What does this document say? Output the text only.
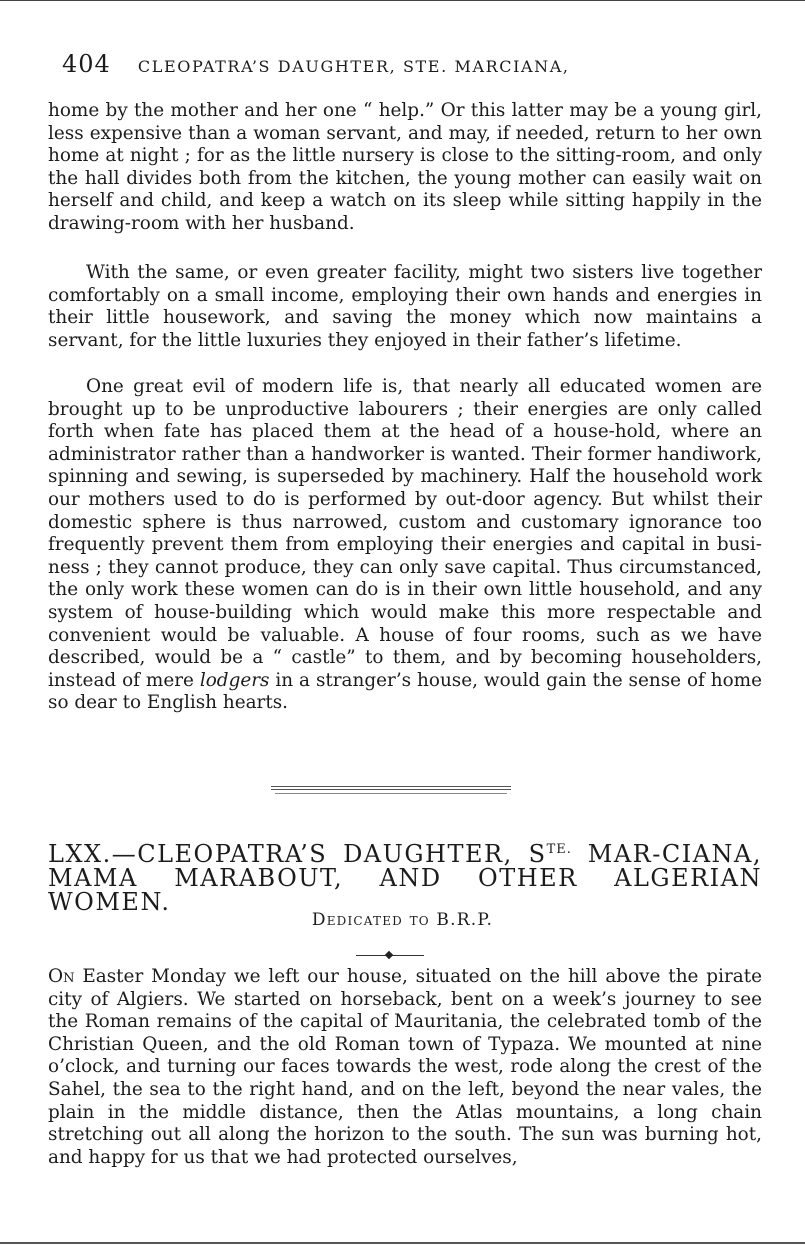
404 CLEOPATRA’S DAUGHTER, STE. MARCIANA,

home by the mother and her one “ help.” Or this latter may be a young girl, less expensive than a woman servant, and may, if needed, return to her own home at night ; for as the little nursery is close to the sitting-room, and only the hall divides both from the kitchen, the young mother can easily wait on herself and child, and keep a watch on its sleep while sitting happily in the drawing-room with her husband.

With the same, or even greater facility, might two sisters live together comfortably on a small income, employing their own hands and energies in their little housework, and saving the money which now maintains a servant, for the little luxuries they enjoyed in their father’s lifetime.

One great evil of modern life is, that nearly all educated women are brought up to be unproductive labourers ; their energies are only called forth when fate has placed them at the head of a house-hold, where an administrator rather than a handworker is wanted. Their former handiwork, spinning and sewing, is superseded by machinery. Half the household work our mothers used to do is performed by out-door agency. But whilst their domestic sphere is thus narrowed, custom and customary ignorance too frequently prevent them from employing their energies and capital in busi-ness ; they cannot produce, they can only save capital. Thus circumstanced, the only work these women can do is in their own little household, and any system of house-building which would make this more respectable and convenient would be valuable. A house of four rooms, such as we have described, would be a “ castle” to them, and by becoming householders, instead of mere lodgers in a stranger’s house, would gain the sense of home so dear to English hearts.

LXX.—CLEOPATRA’S DAUGHTER, $S^{TE.}$ MAR-CIANA, MAMA MARABOUT, AND OTHER ALGERIAN WOMEN.
Dedicated to B.R.P.

On Easter Monday we left our house, situated on the hill above the pirate city of Algiers. We started on horseback, bent on a week’s journey to see the Roman remains of the capital of Mauritania, the celebrated tomb of the Christian Queen, and the old Roman town of Typaza. We mounted at nine o’clock, and turning our faces towards the west, rode along the crest of the Sahel, the sea to the right hand, and on the left, beyond the near vales, the plain in the middle distance, then the Atlas mountains, a long chain stretching out all along the horizon to the south. The sun was burning hot, and happy for us that we had protected ourselves,
